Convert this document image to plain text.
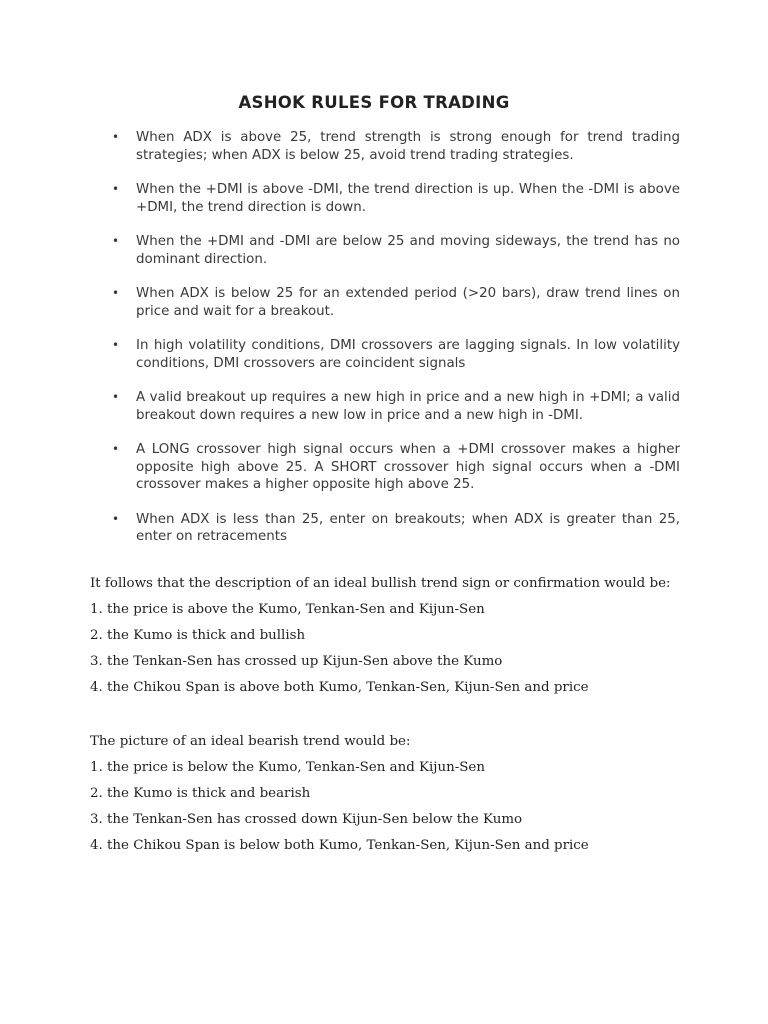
ASHOK RULES FOR TRADING
• When ADX is above 25, trend strength is strong enough for trend trading strategies; when ADX is below 25, avoid trend trading strategies.
• When the +DMI is above -DMI, the trend direction is up. When the -DMI is above +DMI, the trend direction is down.
• When the +DMI and -DMI are below 25 and moving sideways, the trend has no dominant direction.
• When ADX is below 25 for an extended period (>20 bars), draw trend lines on price and wait for a breakout.
• In high volatility conditions, DMI crossovers are lagging signals. In low volatility conditions, DMI crossovers are coincident signals
• A valid breakout up requires a new high in price and a new high in +DMI; a valid breakout down requires a new low in price and a new high in -DMI.
• A LONG crossover high signal occurs when a +DMI crossover makes a higher opposite high above 25. A SHORT crossover high signal occurs when a -DMI crossover makes a higher opposite high above 25.
• When ADX is less than 25, enter on breakouts; when ADX is greater than 25, enter on retracements

It follows that the description of an ideal bullish trend sign or confirmation would be:

1. the price is above the Kumo, Tenkan-Sen and Kijun-Sen

2. the Kumo is thick and bullish

3. the Tenkan-Sen has crossed up Kijun-Sen above the Kumo

4. the Chikou Span is above both Kumo, Tenkan-Sen, Kijun-Sen and price

The picture of an ideal bearish trend would be:

1. the price is below the Kumo, Tenkan-Sen and Kijun-Sen

2. the Kumo is thick and bearish

3. the Tenkan-Sen has crossed down Kijun-Sen below the Kumo

4. the Chikou Span is below both Kumo, Tenkan-Sen, Kijun-Sen and price
